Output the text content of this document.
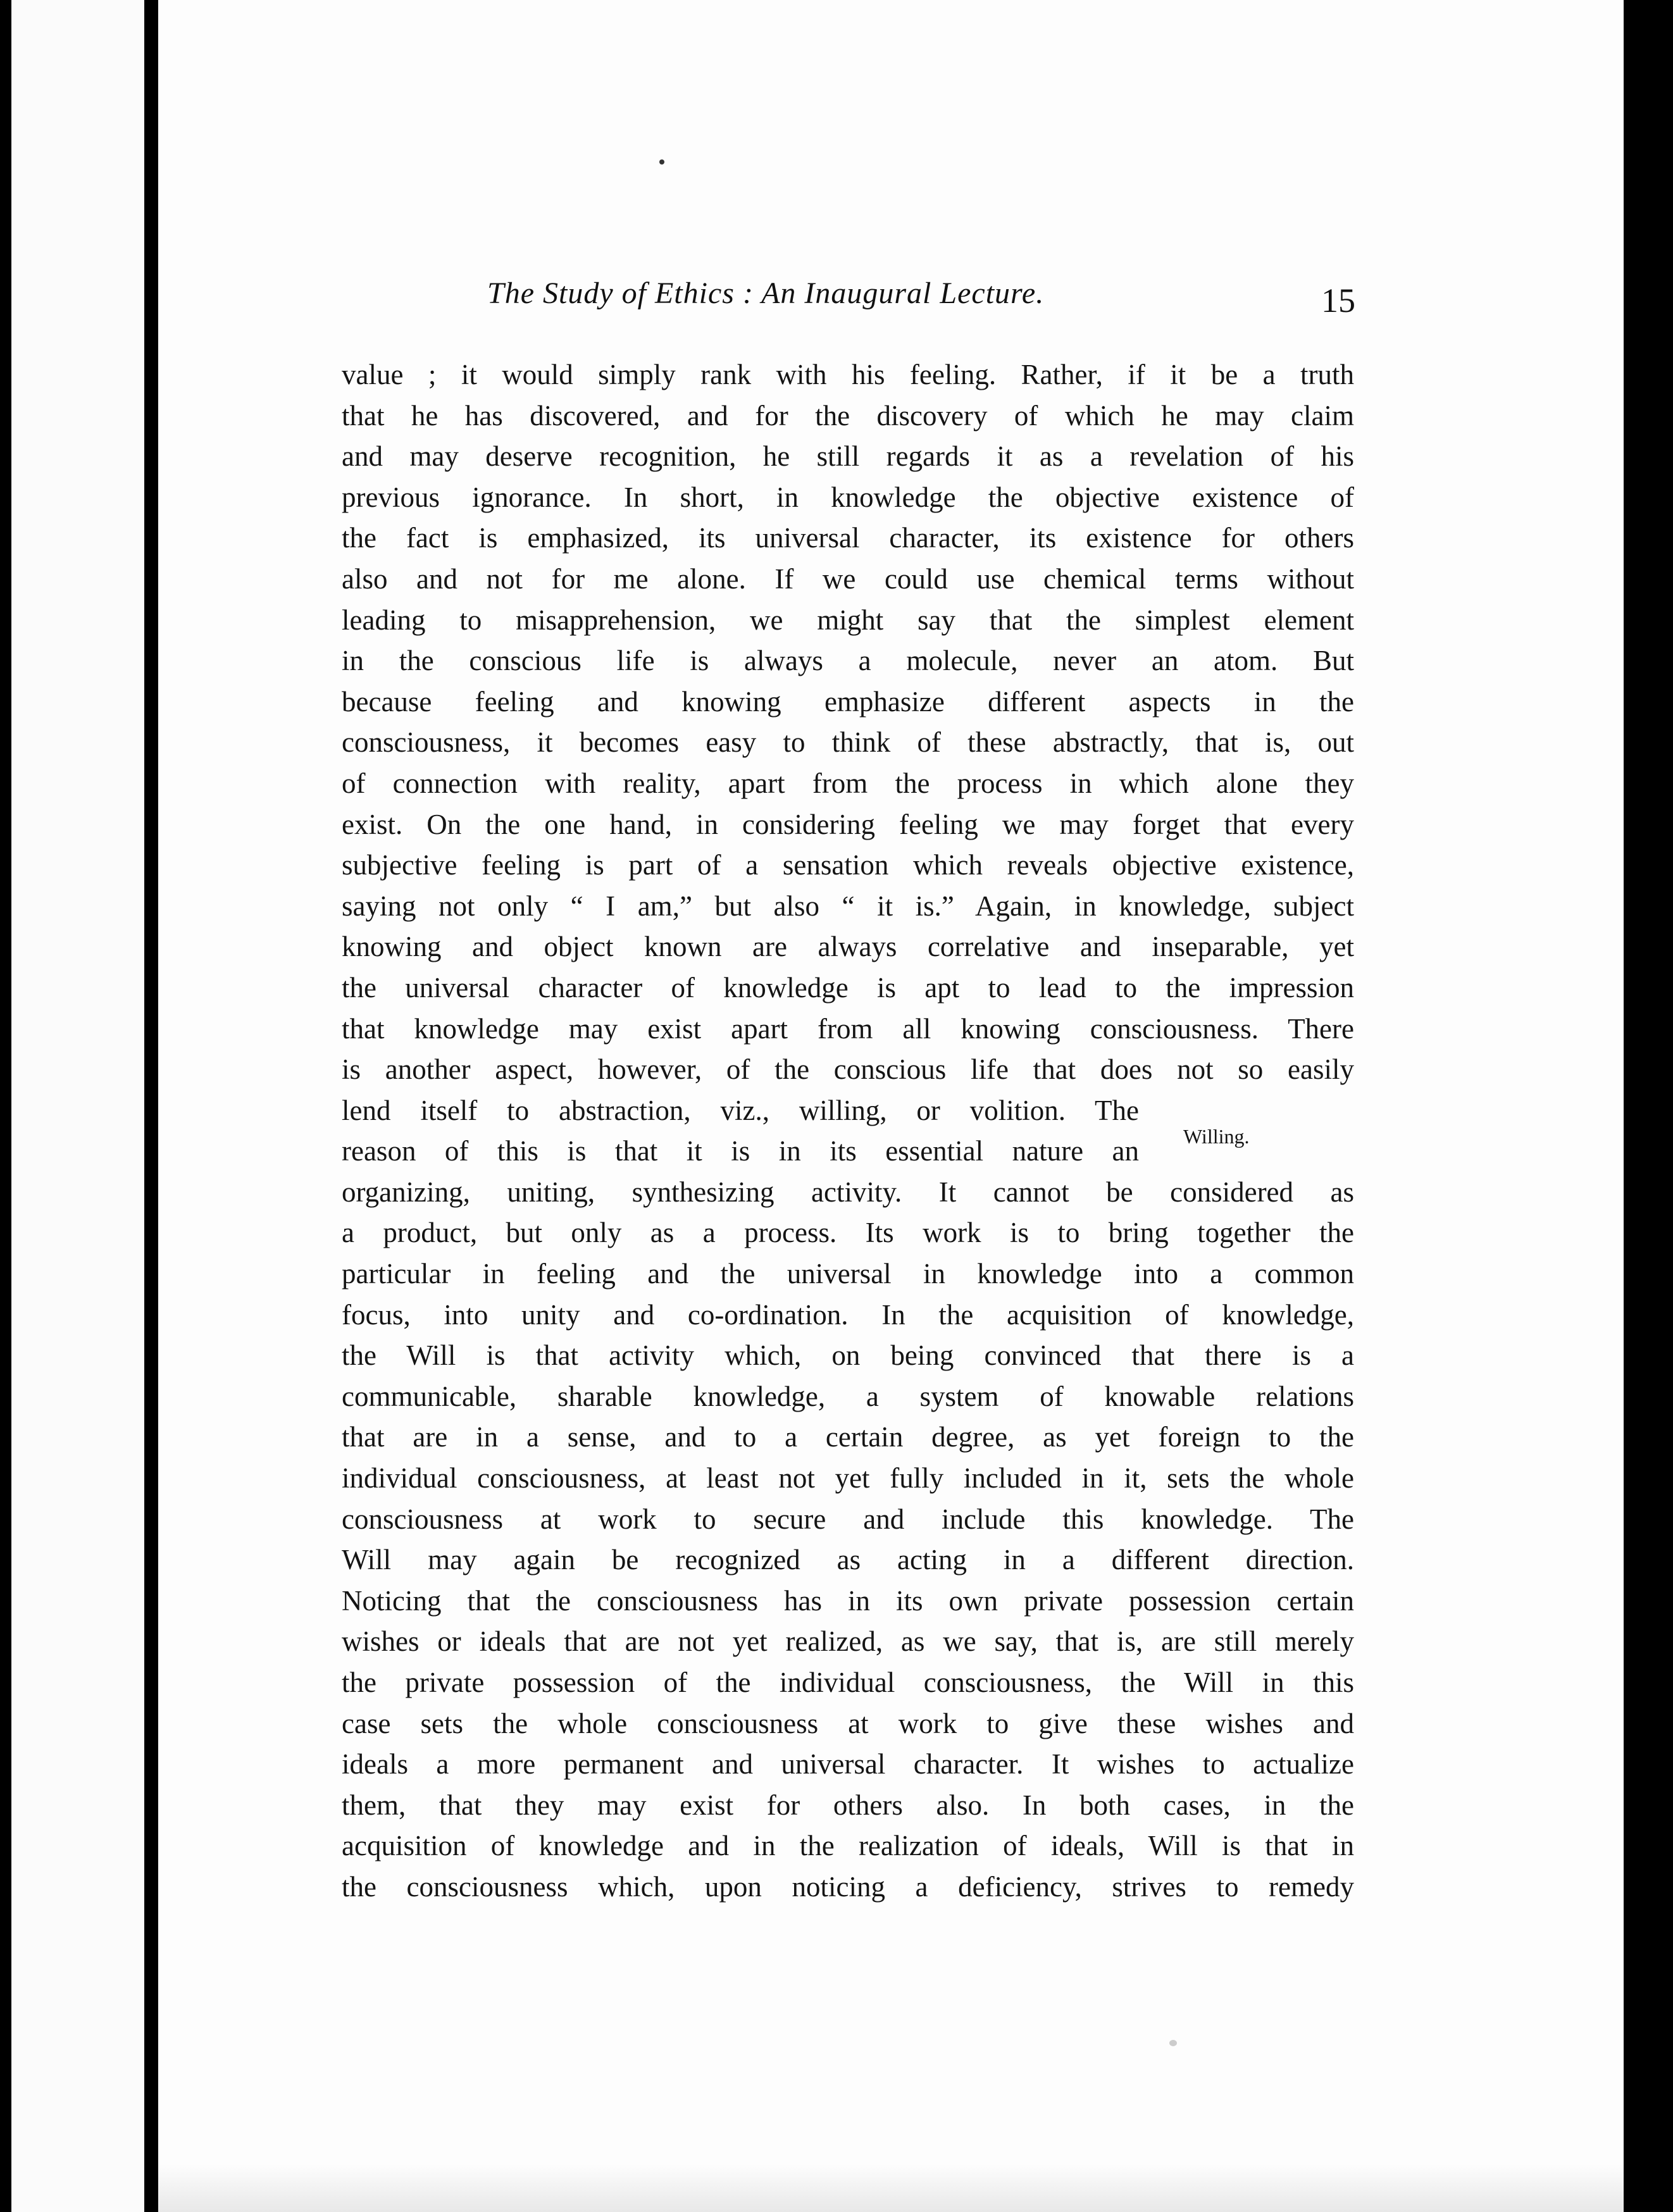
The Study of Ethics : An Inaugural Lecture.	15
value ; it would simply rank with his feeling. Rather, if it be a truth
that he has discovered, and for the discovery of which he may claim
and may deserve recognition, he still regards it as a revelation of his
previous ignorance. In short, in knowledge the objective existence of
the fact is emphasized, its universal character, its existence for others
also and not for me alone. If we could use chemical terms without
leading to misapprehension, we might say that the simplest element
in the conscious life is always a molecule, never an atom. But
because feeling and knowing emphasize different aspects in the
consciousness, it becomes easy to think of these abstractly, that is, out
of connection with reality, apart from the process in which alone they
exist. On the one hand, in considering feeling we may forget that every
subjective feeling is part of a sensation which reveals objective existence,
saying not only “ I am,” but also “ it is.” Again, in knowledge, subject
knowing and object known are always correlative and inseparable, yet
the universal character of knowledge is apt to lead to the impression
that knowledge may exist apart from all knowing consciousness. There
is another aspect, however, of the conscious life that does not so easily
lend itself to abstraction, viz., willing, or volition. The
reason of this is that it is in its essential nature an
organizing, uniting, synthesizing activity. It cannot be considered as
a product, but only as a process. Its work is to bring together the
particular in feeling and the universal in knowledge into a common
focus, into unity and co-ordination. In the acquisition of knowledge,
the Will is that activity which, on being convinced that there is a
communicable, sharable knowledge, a system of knowable relations
that are in a sense, and to a certain degree, as yet foreign to the
individual consciousness, at least not yet fully included in it, sets the whole
consciousness at work to secure and include this knowledge. The
Will may again be recognized as acting in a different direction.
Noticing that the consciousness has in its own private possession certain
wishes or ideals that are not yet realized, as we say, that is, are still merely
the private possession of the individual consciousness, the Will in this
case sets the whole consciousness at work to give these wishes and
ideals a more permanent and universal character. It wishes to actualize
them, that they may exist for others also. In both cases, in the
acquisition of knowledge and in the realization of ideals, Will is that in
the consciousness which, upon noticing a deficiency, strives to remedy
Willing.
